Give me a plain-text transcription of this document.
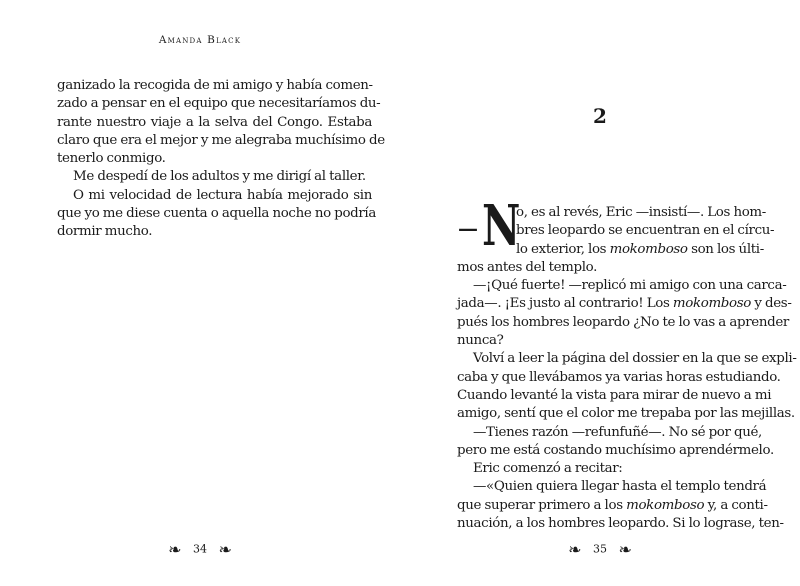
Amanda Black
ganizado la recogida de mi amigo y había comen-
zado a pensar en el equipo que necesitaríamos du-
rante nuestro viaje a la selva del Congo. Estaba
claro que era el mejor y me alegraba muchísimo de
tenerlo conmigo.
Me despedí de los adultos y me dirigí al taller.
O mi velocidad de lectura había mejorado sin
que yo me diese cuenta o aquella noche no podría
dormir mucho.
❧ 34 ❧
2
— N
o, es al revés, Eric —insistí—. Los hom-
bres leopardo se encuentran en el círcu-
lo exterior, los mokomboso son los últi-
mos antes del templo.
—¡Qué fuerte! —replicó mi amigo con una carca-
jada—. ¡Es justo al contrario! Los mokomboso y des-
pués los hombres leopardo ¿No te lo vas a aprender
nunca?
Volví a leer la página del dossier en la que se expli-
caba y que llevábamos ya varias horas estudiando.
Cuando levanté la vista para mirar de nuevo a mi
amigo, sentí que el color me trepaba por las mejillas.
—Tienes razón —refunfuñé—. No sé por qué,
pero me está costando muchísimo aprendérmelo.
Eric comenzó a recitar:
—«Quien quiera llegar hasta el templo tendrá
que superar primero a los mokomboso y, a conti-
nuación, a los hombres leopardo. Si lo lograse, ten-
❧ 35 ❧
